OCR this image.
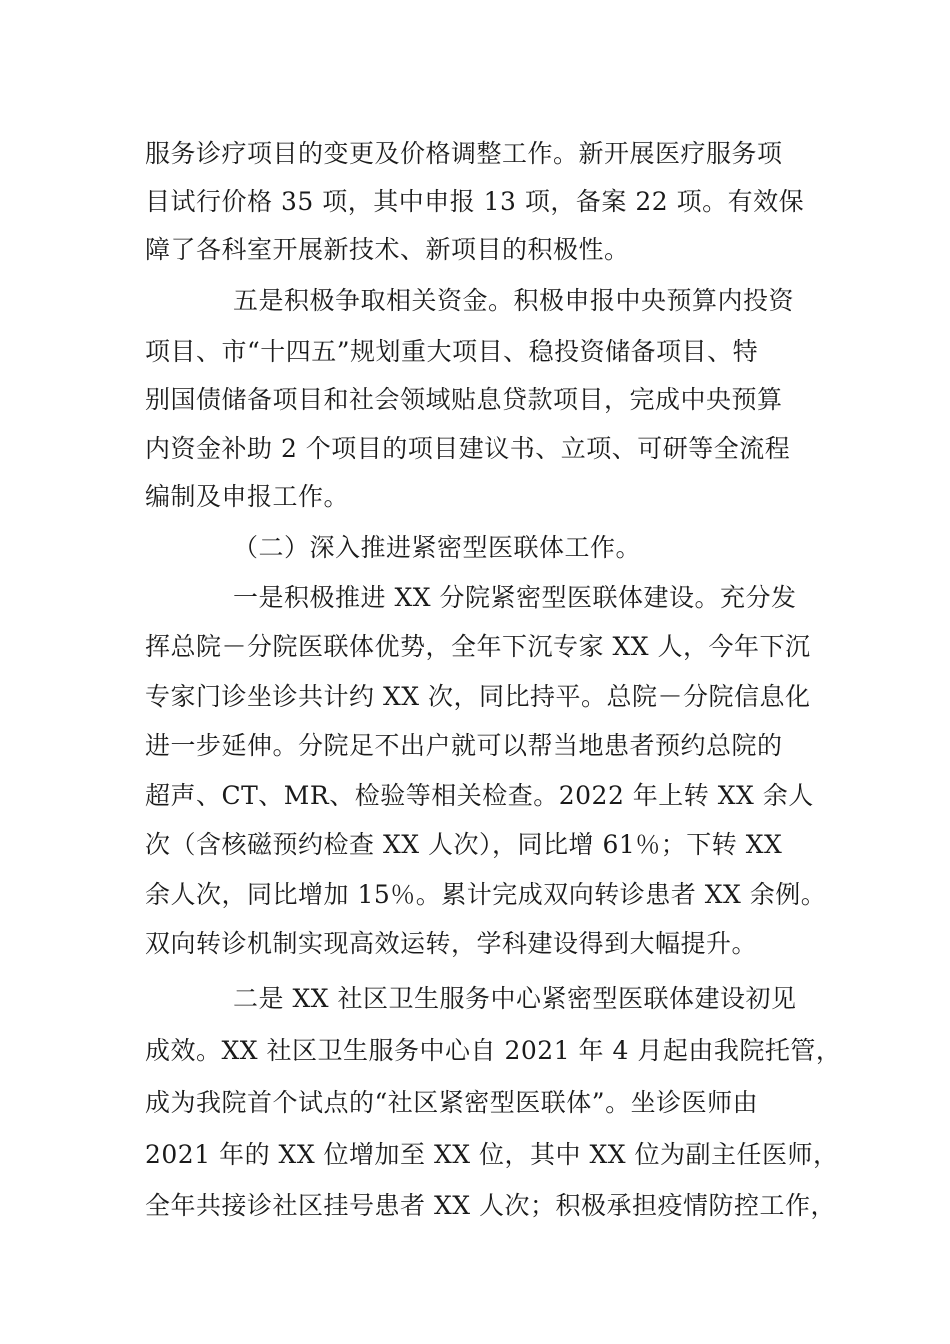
服务诊疗项目的变更及价格调整工作。新开展医疗服务项
目试行价格 35 项，其中申报 13 项，备案 22 项。有效保
障了各科室开展新技术、新项目的积极性。
五是积极争取相关资金。积极申报中央预算内投资
项目、市“十四五”规划重大项目、稳投资储备项目、特
别国债储备项目和社会领域贴息贷款项目，完成中央预算
内资金补助 2 个项目的项目建议书、立项、可研等全流程
编制及申报工作。
（二）深入推进紧密型医联体工作。
一是积极推进 XX 分院紧密型医联体建设。充分发
挥总院－分院医联体优势，全年下沉专家 XX 人，今年下沉
专家门诊坐诊共计约 XX 次，同比持平。总院－分院信息化
进一步延伸。分院足不出户就可以帮当地患者预约总院的
超声、CT、MR、检验等相关检查。2022 年上转 XX 余人
次（含核磁预约检查 XX 人次），同比增 61％；下转 XX
余人次，同比增加 15％。累计完成双向转诊患者 XX 余例。
双向转诊机制实现高效运转，学科建设得到大幅提升。
二是 XX 社区卫生服务中心紧密型医联体建设初见
成效。XX 社区卫生服务中心自 2021 年 4 月起由我院托管，
成为我院首个试点的“社区紧密型医联体”。坐诊医师由
2021 年的 XX 位增加至 XX 位，其中 XX 位为副主任医师，
全年共接诊社区挂号患者 XX 人次；积极承担疫情防控工作，
